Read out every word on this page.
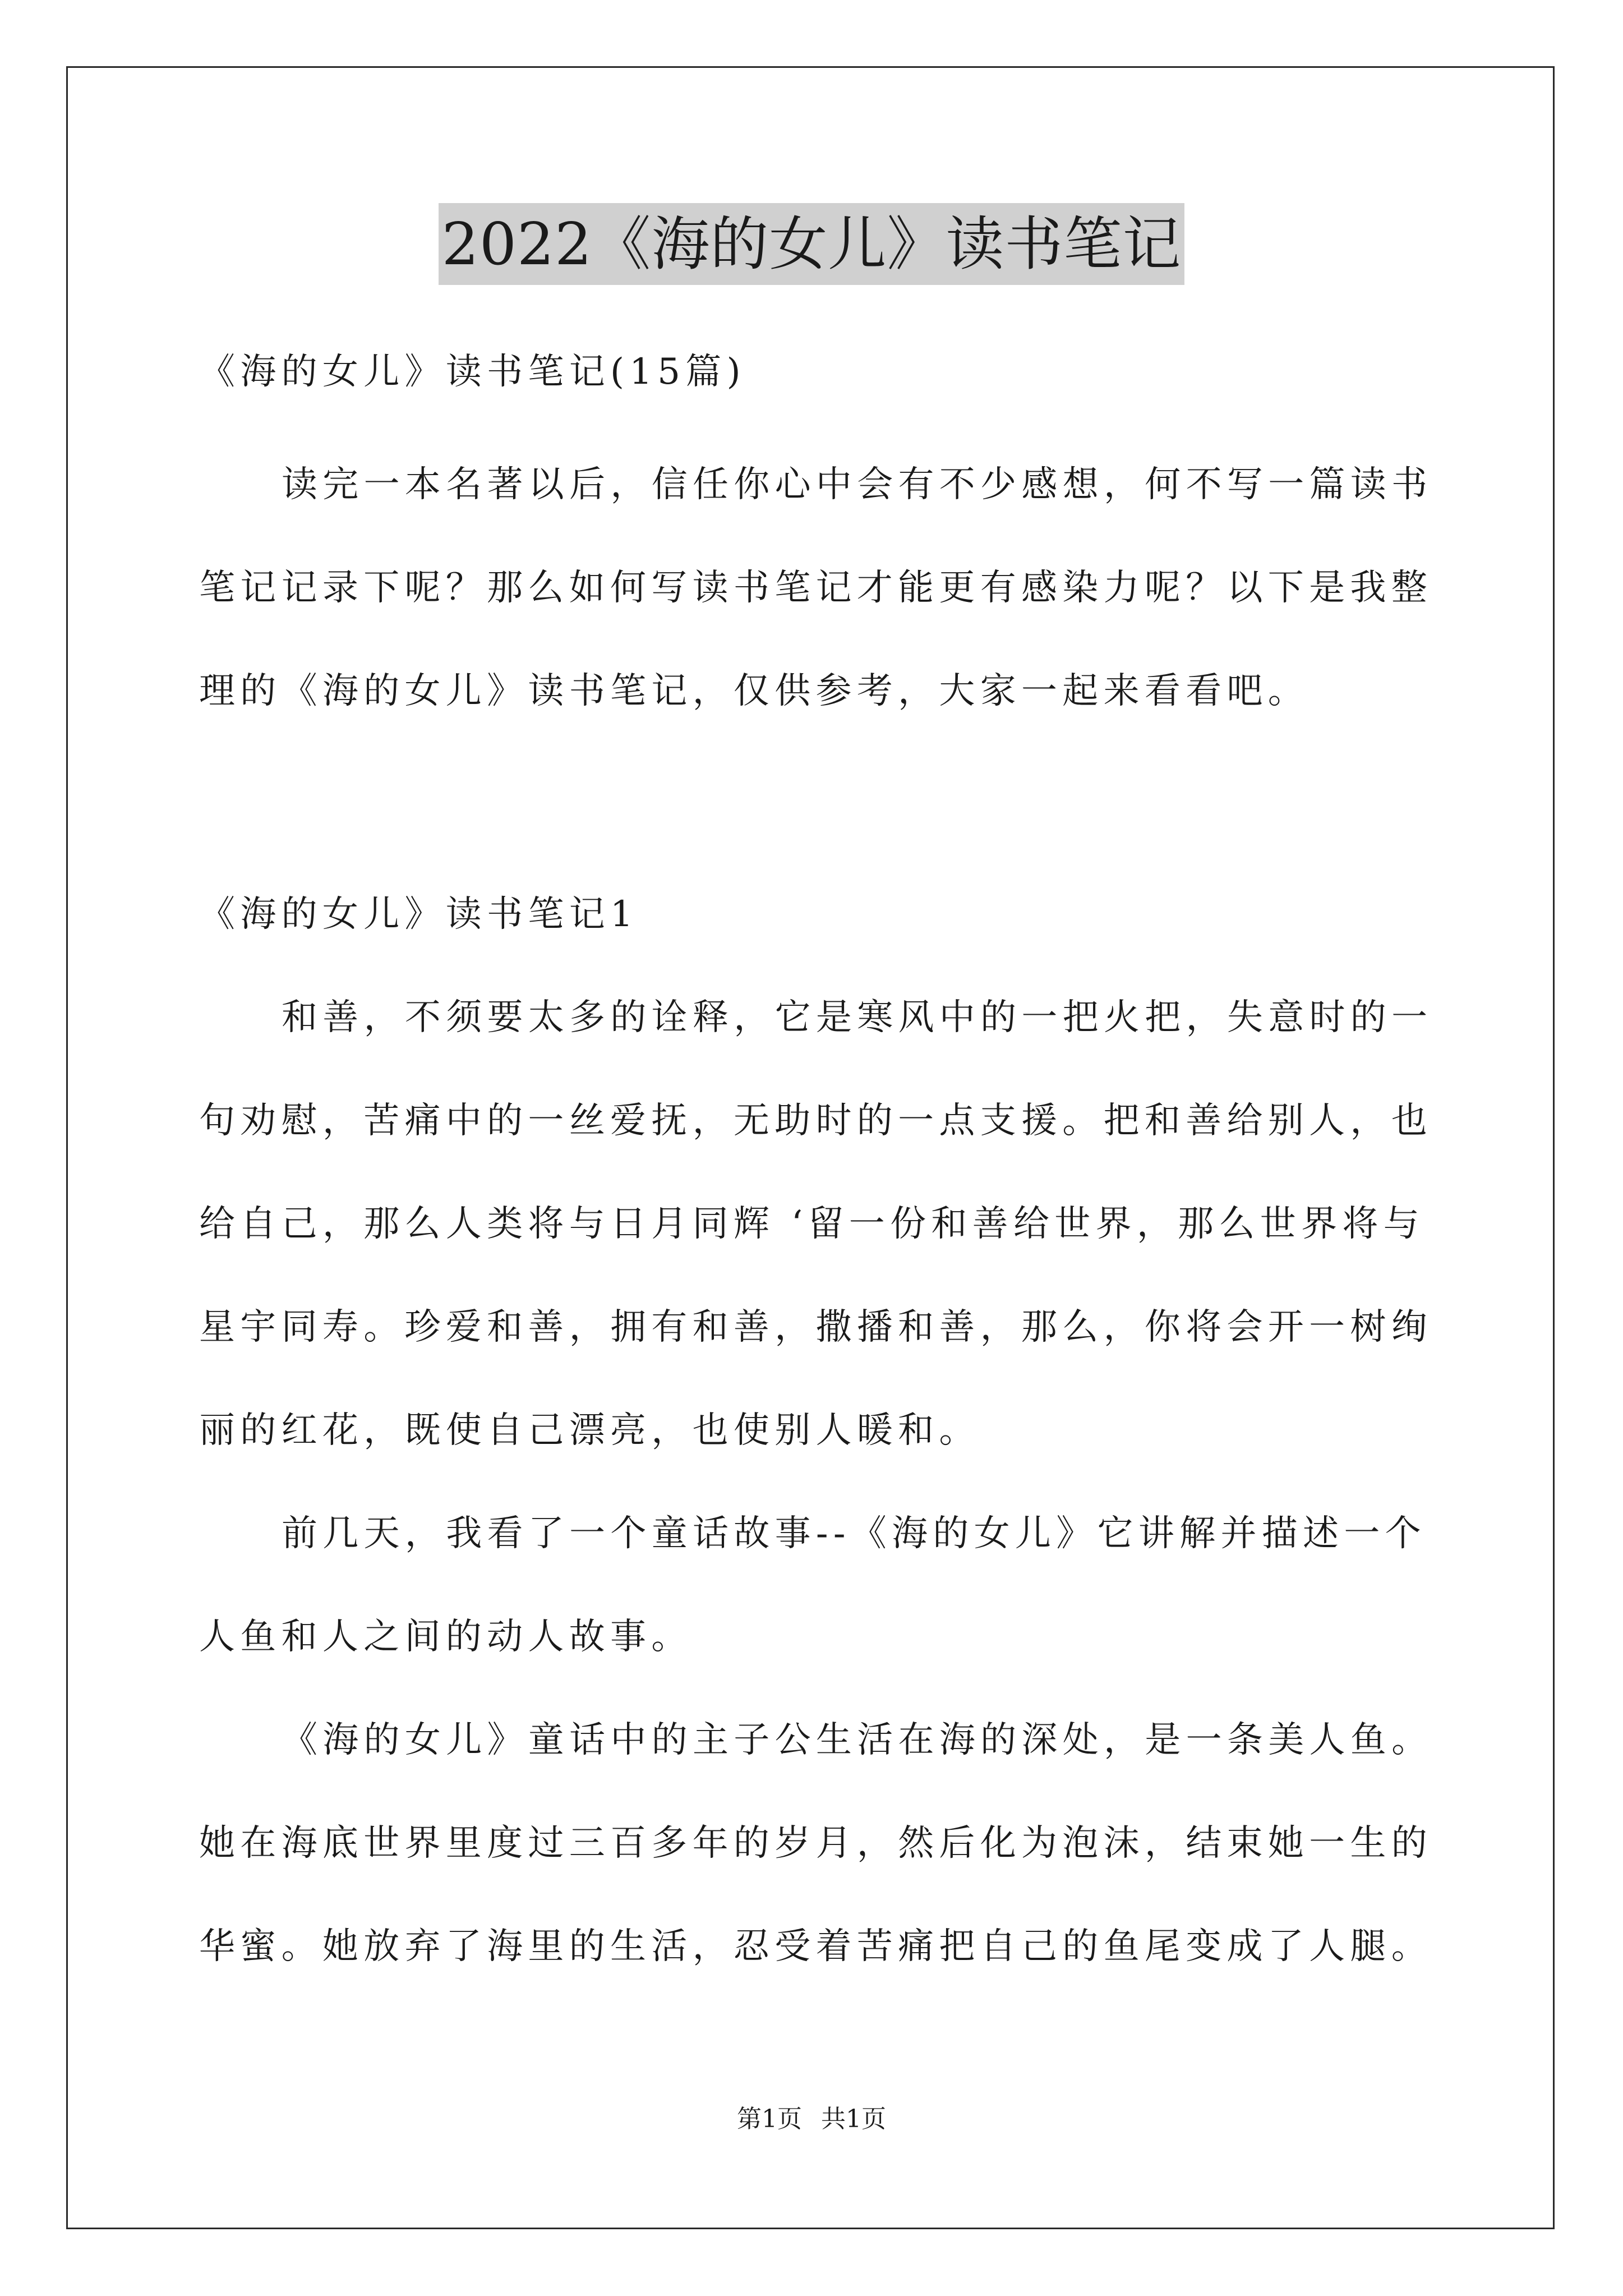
2022《海的女儿》读书笔记
《海的女儿》读书笔记(15篇)
读完一本名著以后，信任你心中会有不少感想，何不写一篇读书
笔记记录下呢？那么如何写读书笔记才能更有感染力呢？以下是我整
理的《海的女儿》读书笔记，仅供参考，大家一起来看看吧。
《海的女儿》读书笔记1
和善，不须要太多的诠释，它是寒风中的一把火把，失意时的一
句劝慰，苦痛中的一丝爱抚，无助时的一点支援。把和善给别人，也
给自己，那么人类将与日月同辉 ‘留一份和善给世界，那么世界将与
星宇同寿。珍爱和善，拥有和善，撒播和善，那么，你将会开一树绚
丽的红花，既使自己漂亮，也使别人暖和。
前几天，我看了一个童话故事--《海的女儿》它讲解并描述一个
人鱼和人之间的动人故事。
《海的女儿》童话中的主子公生活在海的深处，是一条美人鱼。
她在海底世界里度过三百多年的岁月，然后化为泡沫，结束她一生的
华蜜。她放弃了海里的生活，忍受着苦痛把自己的鱼尾变成了人腿。
第1页 共1页
